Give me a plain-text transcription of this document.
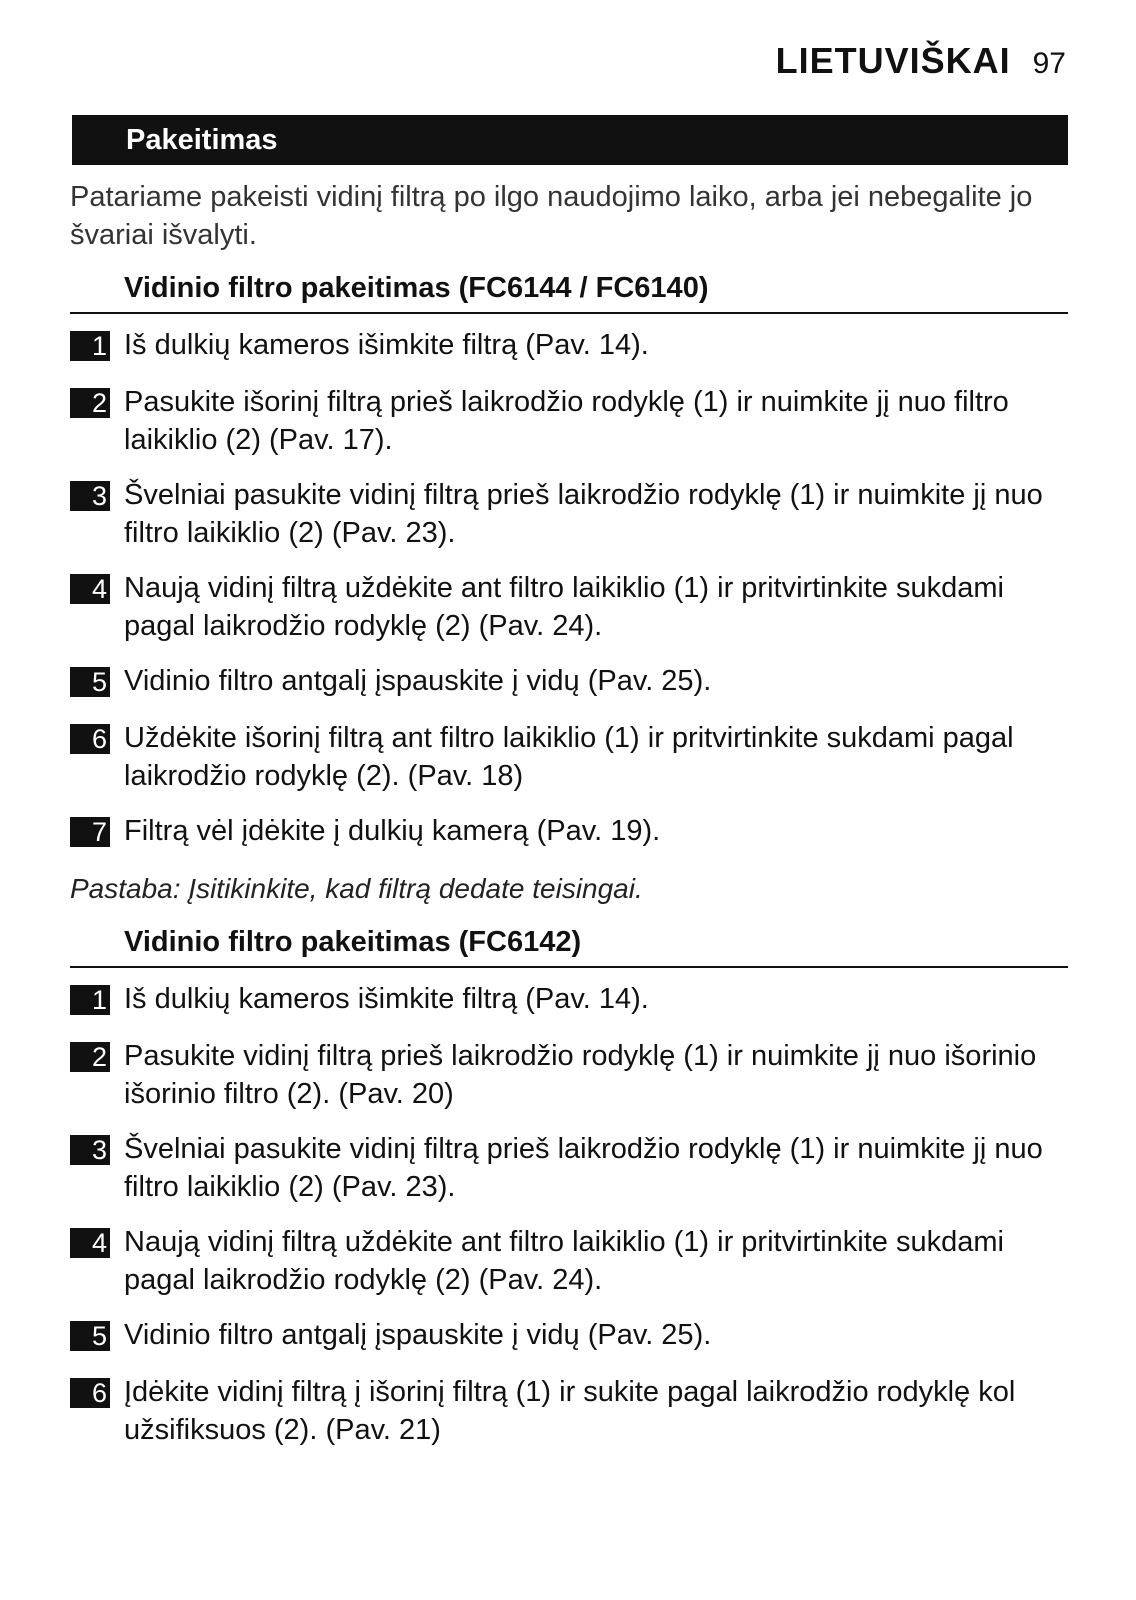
LIETUVIŠKAI 97
Pakeitimas
Patariame pakeisti vidinį filtrą po ilgo naudojimo laiko, arba jei nebegalite jo švariai išvalyti.
Vidinio filtro pakeitimas (FC6144 / FC6140)
1 Iš dulkių kameros išimkite filtrą (Pav. 14).
2 Pasukite išorinį filtrą prieš laikrodžio rodyklę (1) ir nuimkite jį nuo filtro laikiklio (2) (Pav. 17).
3 Švelniai pasukite vidinį filtrą prieš laikrodžio rodyklę (1) ir nuimkite jį nuo filtro laikiklio (2) (Pav. 23).
4 Naują vidinį filtrą uždėkite ant filtro laikiklio (1) ir pritvirtinkite sukdami pagal laikrodžio rodyklę (2) (Pav. 24).
5 Vidinio filtro antgalį įspauskite į vidų (Pav. 25).
6 Uždėkite išorinį filtrą ant filtro laikiklio (1) ir pritvirtinkite sukdami pagal laikrodžio rodyklę (2). (Pav. 18)
7 Filtrą vėl įdėkite į dulkių kamerą (Pav. 19).
Pastaba: Įsitikinkite, kad filtrą dedate teisingai.
Vidinio filtro pakeitimas (FC6142)
1 Iš dulkių kameros išimkite filtrą (Pav. 14).
2 Pasukite vidinį filtrą prieš laikrodžio rodyklę (1) ir nuimkite jį nuo išorinio išorinio filtro (2). (Pav. 20)
3 Švelniai pasukite vidinį filtrą prieš laikrodžio rodyklę (1) ir nuimkite jį nuo filtro laikiklio (2) (Pav. 23).
4 Naują vidinį filtrą uždėkite ant filtro laikiklio (1) ir pritvirtinkite sukdami pagal laikrodžio rodyklę (2) (Pav. 24).
5 Vidinio filtro antgalį įspauskite į vidų (Pav. 25).
6 Įdėkite vidinį filtrą į išorinį filtrą (1) ir sukite pagal laikrodžio rodyklę kol užsifiksuos (2). (Pav. 21)
